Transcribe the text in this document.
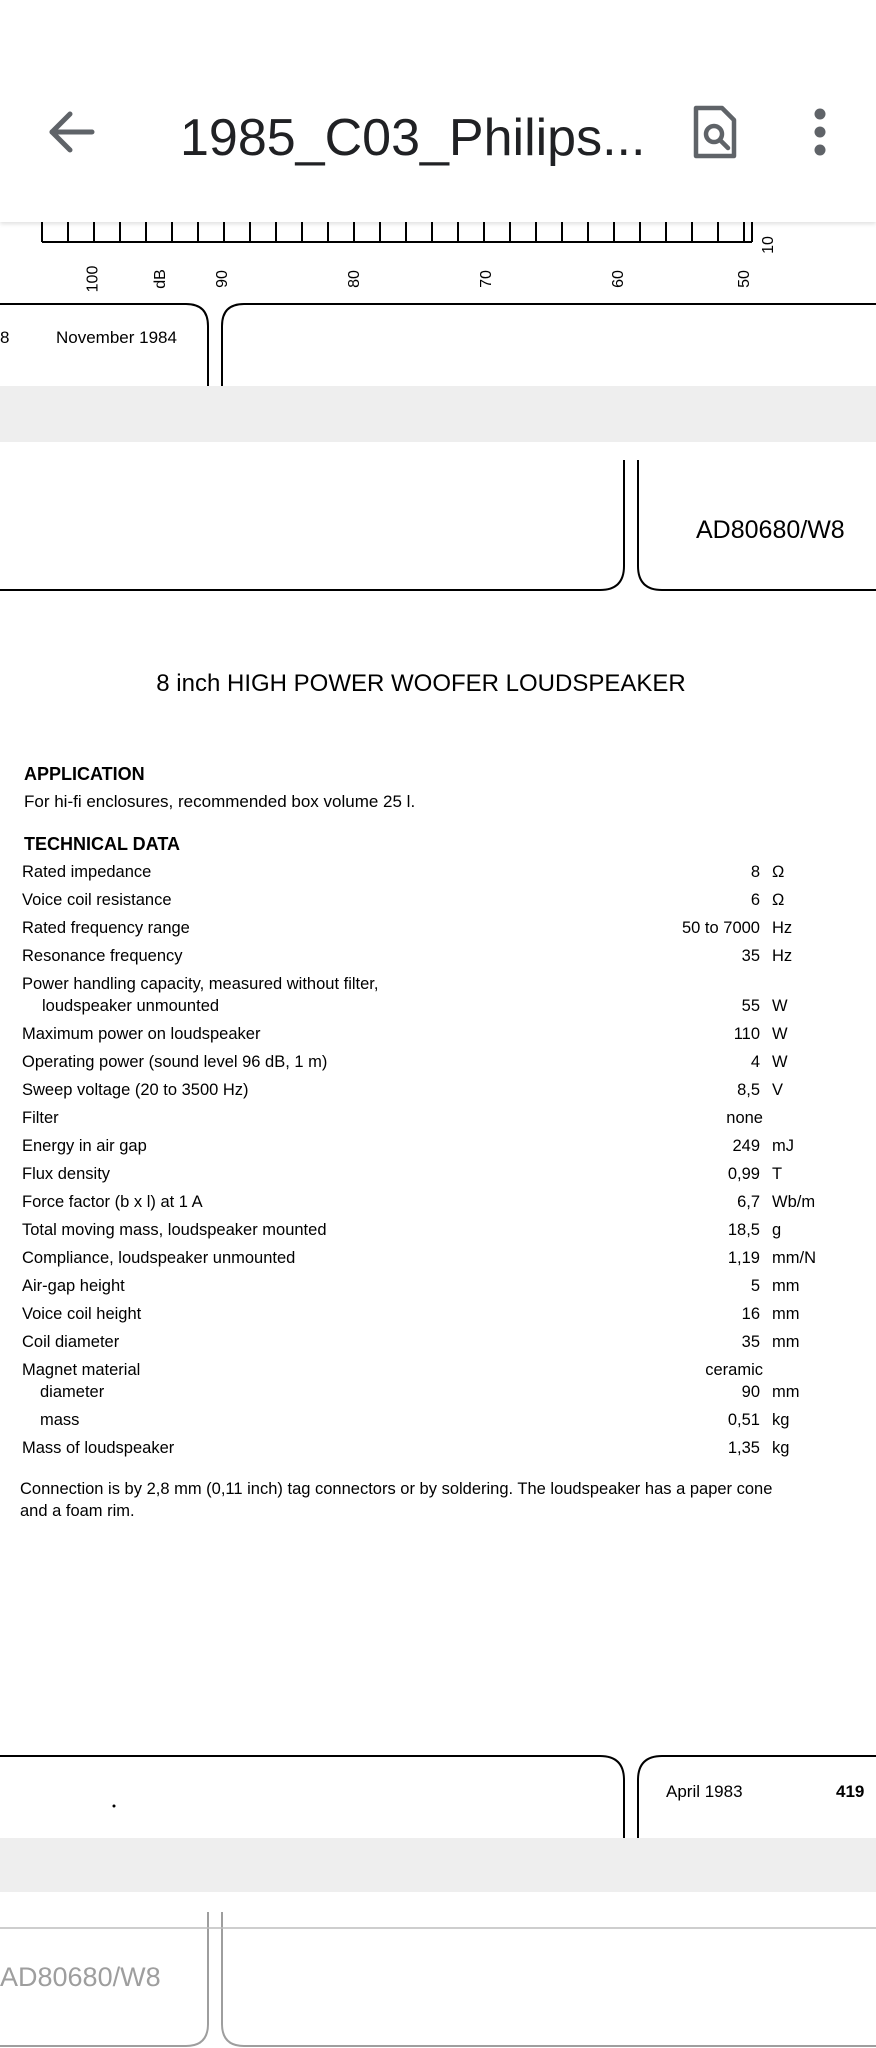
1985_C03_Philips...
100	dB	90	80	70	60	50
10
8	November 1984
AD80680/W8
8 inch HIGH POWER WOOFER LOUDSPEAKER
APPLICATION
For hi-fi enclosures, recommended box volume 25 l.
TECHNICAL DATA
Rated impedance	8 Ω
Voice coil resistance	6 Ω
Rated frequency range	50 to 7000 Hz
Resonance frequency	35 Hz
Power handling capacity, measured without filter,
loudspeaker unmounted	55 W
Maximum power on loudspeaker	110 W
Operating power (sound level 96 dB, 1 m)	4 W
Sweep voltage (20 to 3500 Hz)	8,5 V
Filter	none
Energy in air gap	249 mJ
Flux density	0,99 T
Force factor (b x l) at 1 A	6,7 Wb/m
Total moving mass, loudspeaker mounted	18,5 g
Compliance, loudspeaker unmounted	1,19 mm/N
Air-gap height	5 mm
Voice coil height	16 mm
Coil diameter	35 mm
Magnet material	ceramic
diameter	90 mm
mass	0,51 kg
Mass of loudspeaker	1,35 kg
Connection is by 2,8 mm (0,11 inch) tag connectors or by soldering. The loudspeaker has a paper cone
and a foam rim.
April 1983	419
AD80680/W8
